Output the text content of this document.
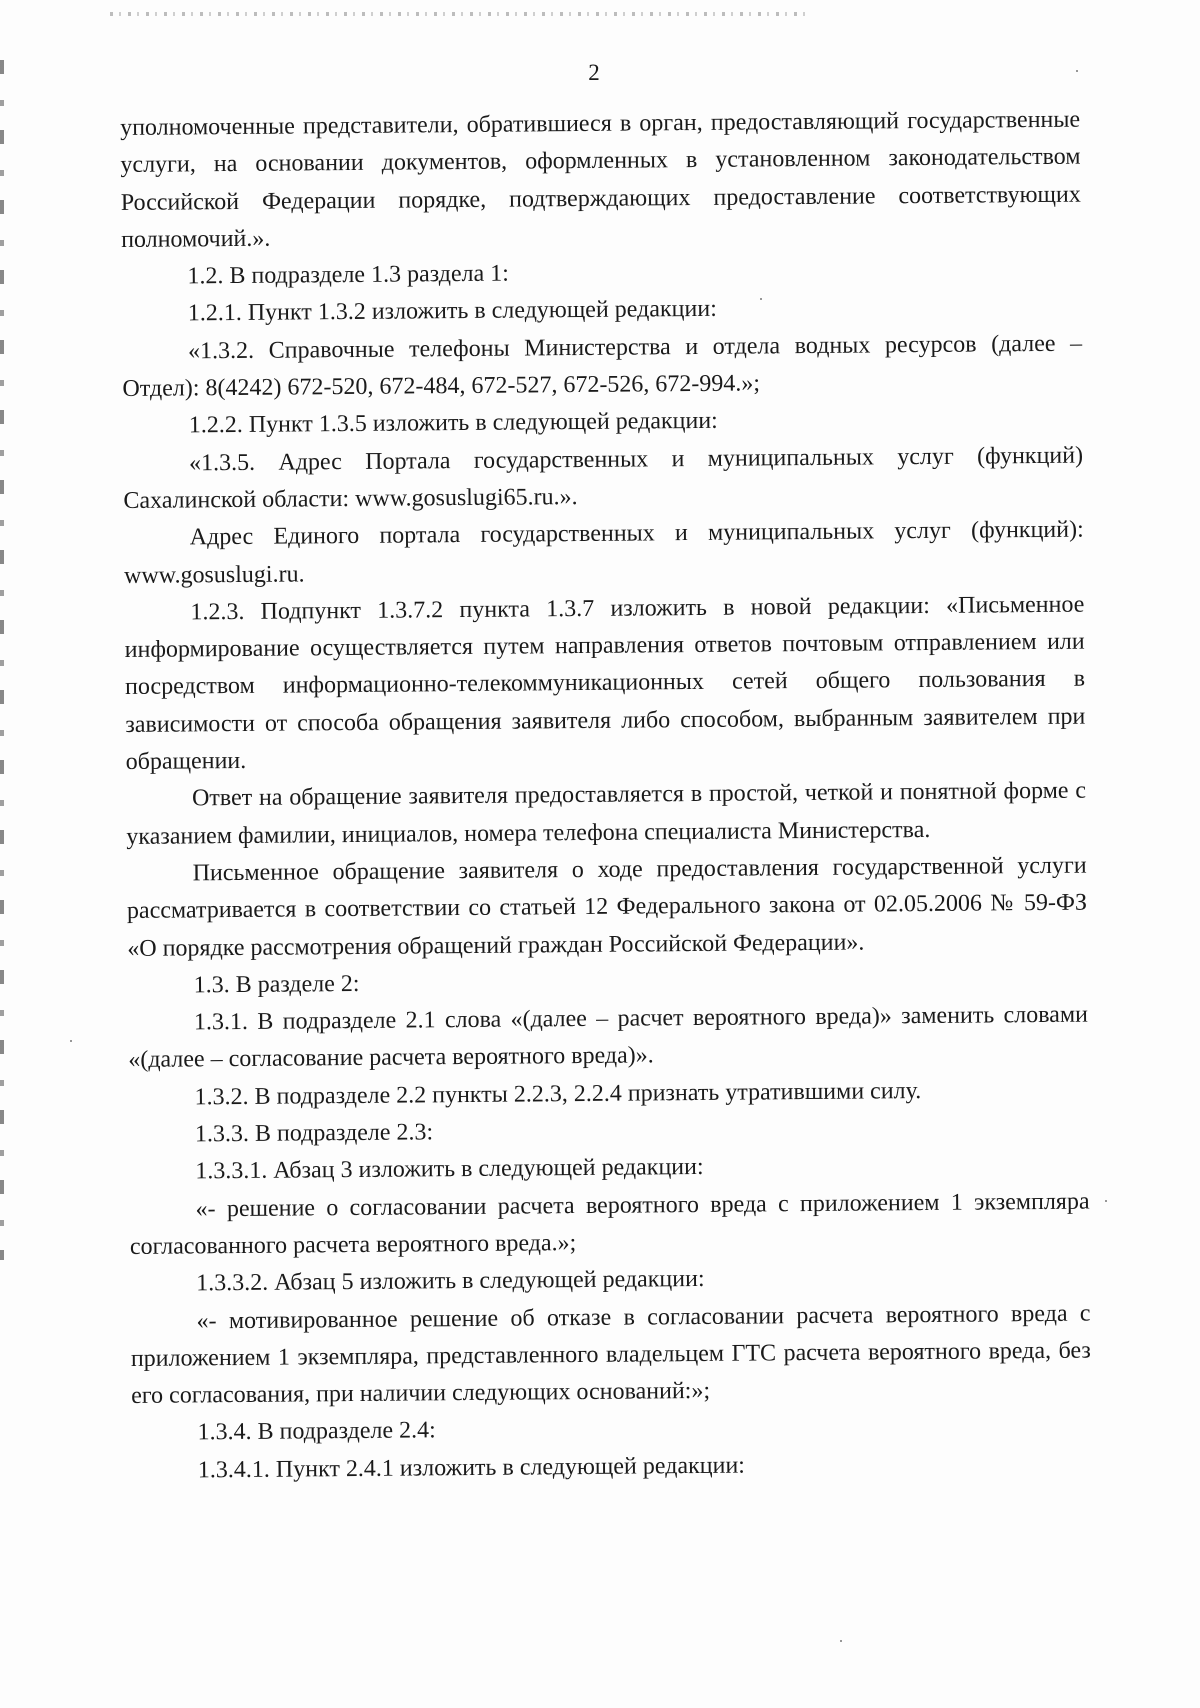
2

уполномоченные представители, обратившиеся в орган, предоставляющий государственные услуги, на основании документов, оформленных в установленном законодательством Российской Федерации порядке, подтверждающих предоставление соответствующих полномочий.».

1.2. В подразделе 1.3 раздела 1:

1.2.1. Пункт 1.3.2 изложить в следующей редакции:

«1.3.2. Справочные телефоны Министерства и отдела водных ресурсов (далее – Отдел): 8(4242) 672-520, 672-484, 672-527, 672-526, 672-994.»;

1.2.2. Пункт 1.3.5 изложить в следующей редакции:

«1.3.5. Адрес Портала государственных и муниципальных услуг (функций) Сахалинской области: www.gosuslugi65.ru.».

Адрес Единого портала государственных и муниципальных услуг (функций): www.gosuslugi.ru.

1.2.3. Подпункт 1.3.7.2 пункта 1.3.7 изложить в новой редакции: «Письменное информирование осуществляется путем направления ответов почтовым отправлением или посредством информационно-телекоммуникационных сетей общего пользования в зависимости от способа обращения заявителя либо способом, выбранным заявителем при обращении.

Ответ на обращение заявителя предоставляется в простой, четкой и понятной форме с указанием фамилии, инициалов, номера телефона специалиста Министерства.

Письменное обращение заявителя о ходе предоставления государственной услуги рассматривается в соответствии со статьей 12 Федерального закона от 02.05.2006 № 59-ФЗ «О порядке рассмотрения обращений граждан Российской Федерации».

1.3. В разделе 2:

1.3.1. В подразделе 2.1 слова «(далее – расчет вероятного вреда)» заменить словами «(далее – согласование расчета вероятного вреда)».

1.3.2. В подразделе 2.2 пункты 2.2.3, 2.2.4 признать утратившими силу.

1.3.3. В подразделе 2.3:

1.3.3.1. Абзац 3 изложить в следующей редакции:

«- решение о согласовании расчета вероятного вреда с приложением 1 экземпляра согласованного расчета вероятного вреда.»;

1.3.3.2. Абзац 5 изложить в следующей редакции:

«- мотивированное решение об отказе в согласовании расчета вероятного вреда с приложением 1 экземпляра, представленного владельцем ГТС расчета вероятного вреда, без его согласования, при наличии следующих оснований:»;

1.3.4. В подразделе 2.4:

1.3.4.1. Пункт 2.4.1 изложить в следующей редакции:
